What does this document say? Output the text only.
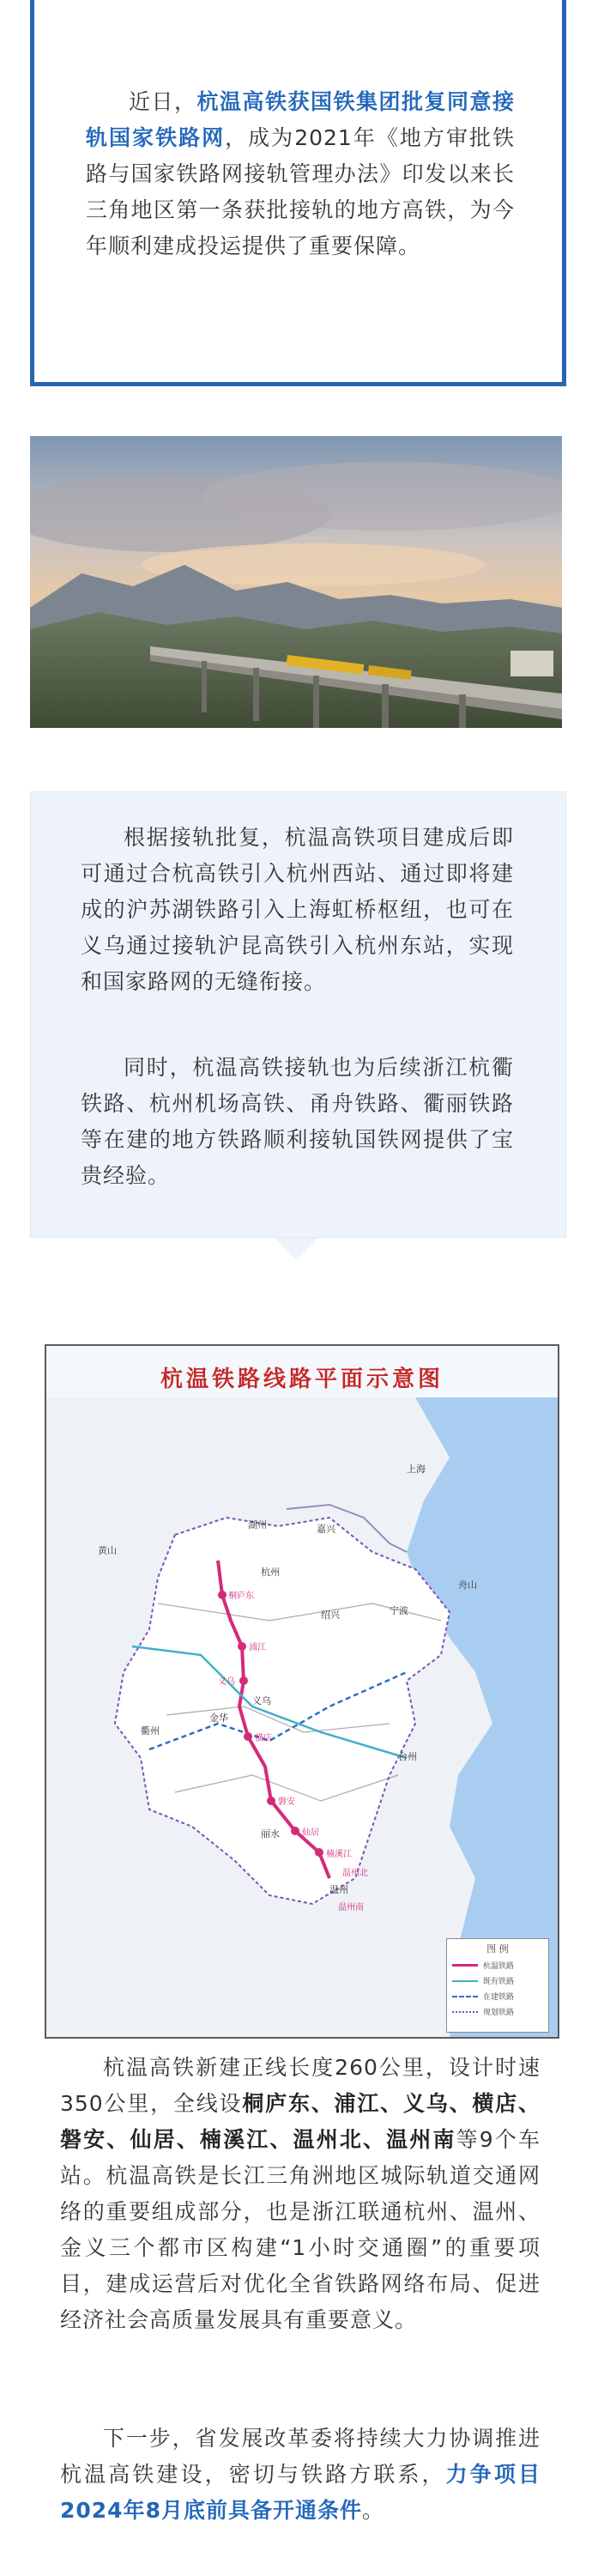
近日，杭温高铁获国铁集团批复同意接轨国家铁路网，成为2021年《地方审批铁路与国家铁路网接轨管理办法》印发以来长三角地区第一条获批接轨的地方高铁，为今年顺利建成投运提供了重要保障。
根据接轨批复，杭温高铁项目建成后即可通过合杭高铁引入杭州西站、通过即将建成的沪苏湖铁路引入上海虹桥枢纽，也可在义乌通过接轨沪昆高铁引入杭州东站，实现和国家路网的无缝衔接。
同时，杭温高铁接轨也为后续浙江杭衢铁路、杭州机场高铁、甬舟铁路、衢丽铁路等在建的地方铁路顺利接轨国铁网提供了宝贵经验。
杭温铁路线路平面示意图
图 例
杭温铁路
既有铁路
在建铁路
规划铁路
上海
嘉兴
湖州
杭州
绍兴	宁波
舟山
金华
义乌
台州
丽水
温州
衢州
桐庐东
浦江
义乌
横店
磐安
仙居
楠溪江
温州北
温州南
黄山
杭温高铁新建正线长度260公里，设计时速350公里，全线设桐庐东、浦江、义乌、横店、磐安、仙居、楠溪江、温州北、温州南等9个车站。杭温高铁是长江三角洲地区城际轨道交通网络的重要组成部分，也是浙江联通杭州、温州、金义三个都市区构建“1小时交通圈”的重要项目，建成运营后对优化全省铁路网络布局、促进经济社会高质量发展具有重要意义。
下一步，省发展改革委将持续大力协调推进杭温高铁建设，密切与铁路方联系，力争项目2024年8月底前具备开通条件。
